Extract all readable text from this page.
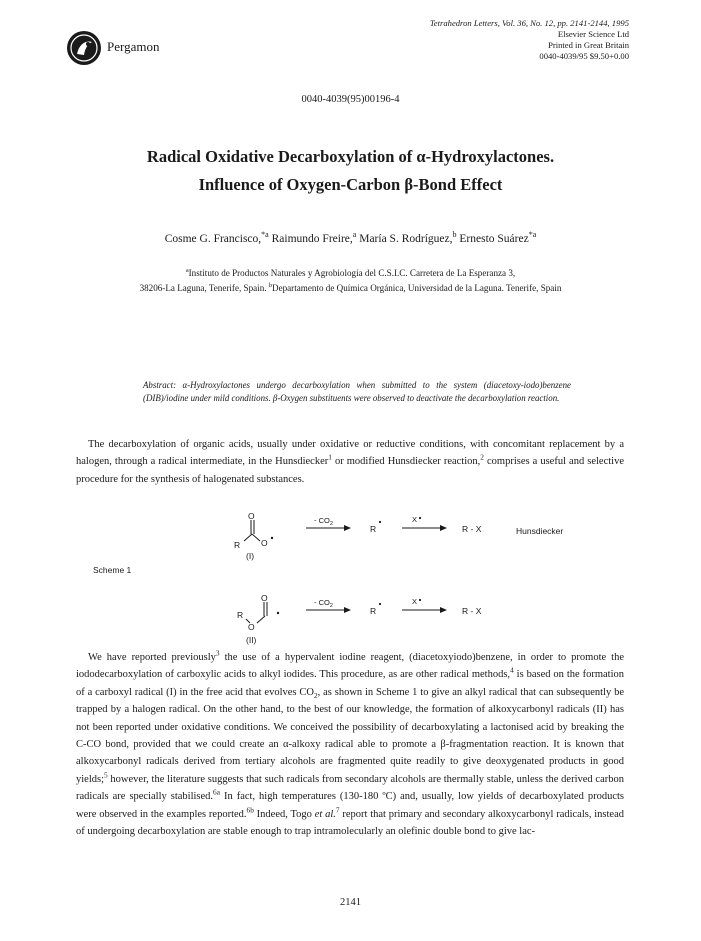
Pergamon
Tetrahedron Letters, Vol. 36, No. 12, pp. 2141-2144, 1995
Elsevier Science Ltd
Printed in Great Britain
0040-4039/95 $9.50+0.00
0040-4039(95)00196-4
Radical Oxidative Decarboxylation of α-Hydroxylactones.
Influence of Oxygen-Carbon β-Bond Effect
Cosme G. Francisco,$^{*a}$ Raimundo Freire,$^a$ María S. Rodríguez,$^b$ Ernesto Suárez$^{*a}$
$^a$Instituto de Productos Naturales y Agrobiología del C.S.I.C. Carretera de La Esperanza 3,
38206-La Laguna, Tenerife, Spain. $^b$Departamento de Química Orgánica, Universidad de la Laguna. Tenerife, Spain
Abstract: α-Hydroxylactones undergo decarboxylation when submitted to the system (diacetoxy-iodo)benzene (DIB)/iodine under mild conditions. β-Oxygen substituents were observed to deactivate the decarboxylation reaction.
The decarboxylation of organic acids, usually under oxidative or reductive conditions, with concomitant replacement by a halogen, through a radical intermediate, in the Hunsdiecker$^1$ or modified Hunsdiecker reaction,$^2$ comprises a useful and selective procedure for the synthesis of halogenated substances.
Scheme 1
O
R O
(I)
- $CO_2$	R
X
R - X
O
R
O
(II)
- $CO_2$	R
X
R - X
Hunsdiecker
We have reported previously$^3$ the use of a hypervalent iodine reagent, (diacetoxyiodo)benzene, in order to promote the iododecarboxylation of carboxylic acids to alkyl iodides. This procedure, as are other radical methods,$^4$ is based on the formation of a carboxyl radical (I) in the free acid that evolves $CO_2$, as shown in Scheme 1 to give an alkyl radical that can subsequently be trapped by a halogen radical. On the other hand, to the best of our knowledge, the formation of alkoxycarbonyl radicals (II) has not been reported under oxidative conditions. We conceived the possibility of decarboxylating a lactonised acid by breaking the C-CO bond, provided that we could create an α-alkoxy radical able to promote a β-fragmentation reaction. It is known that alkoxycarbonyl radicals derived from tertiary alcohols are fragmented quite readily to give deoxygenated products in good yields;$^5$ however, the literature suggests that such radicals from secondary alcohols are thermally stable, unless the derived carbon radicals are specially stabilised.$^{6a}$ In fact, high temperatures (130-180 ºC) and, usually, low yields of decarboxylated products were observed in the examples reported.$^{6b}$ Indeed, Togo et al.$^7$ report that primary and secondary alkoxycarbonyl radicals, instead of undergoing decarboxylation are stable enough to trap intramolecularly an olefinic double bond to give lac-
2141
